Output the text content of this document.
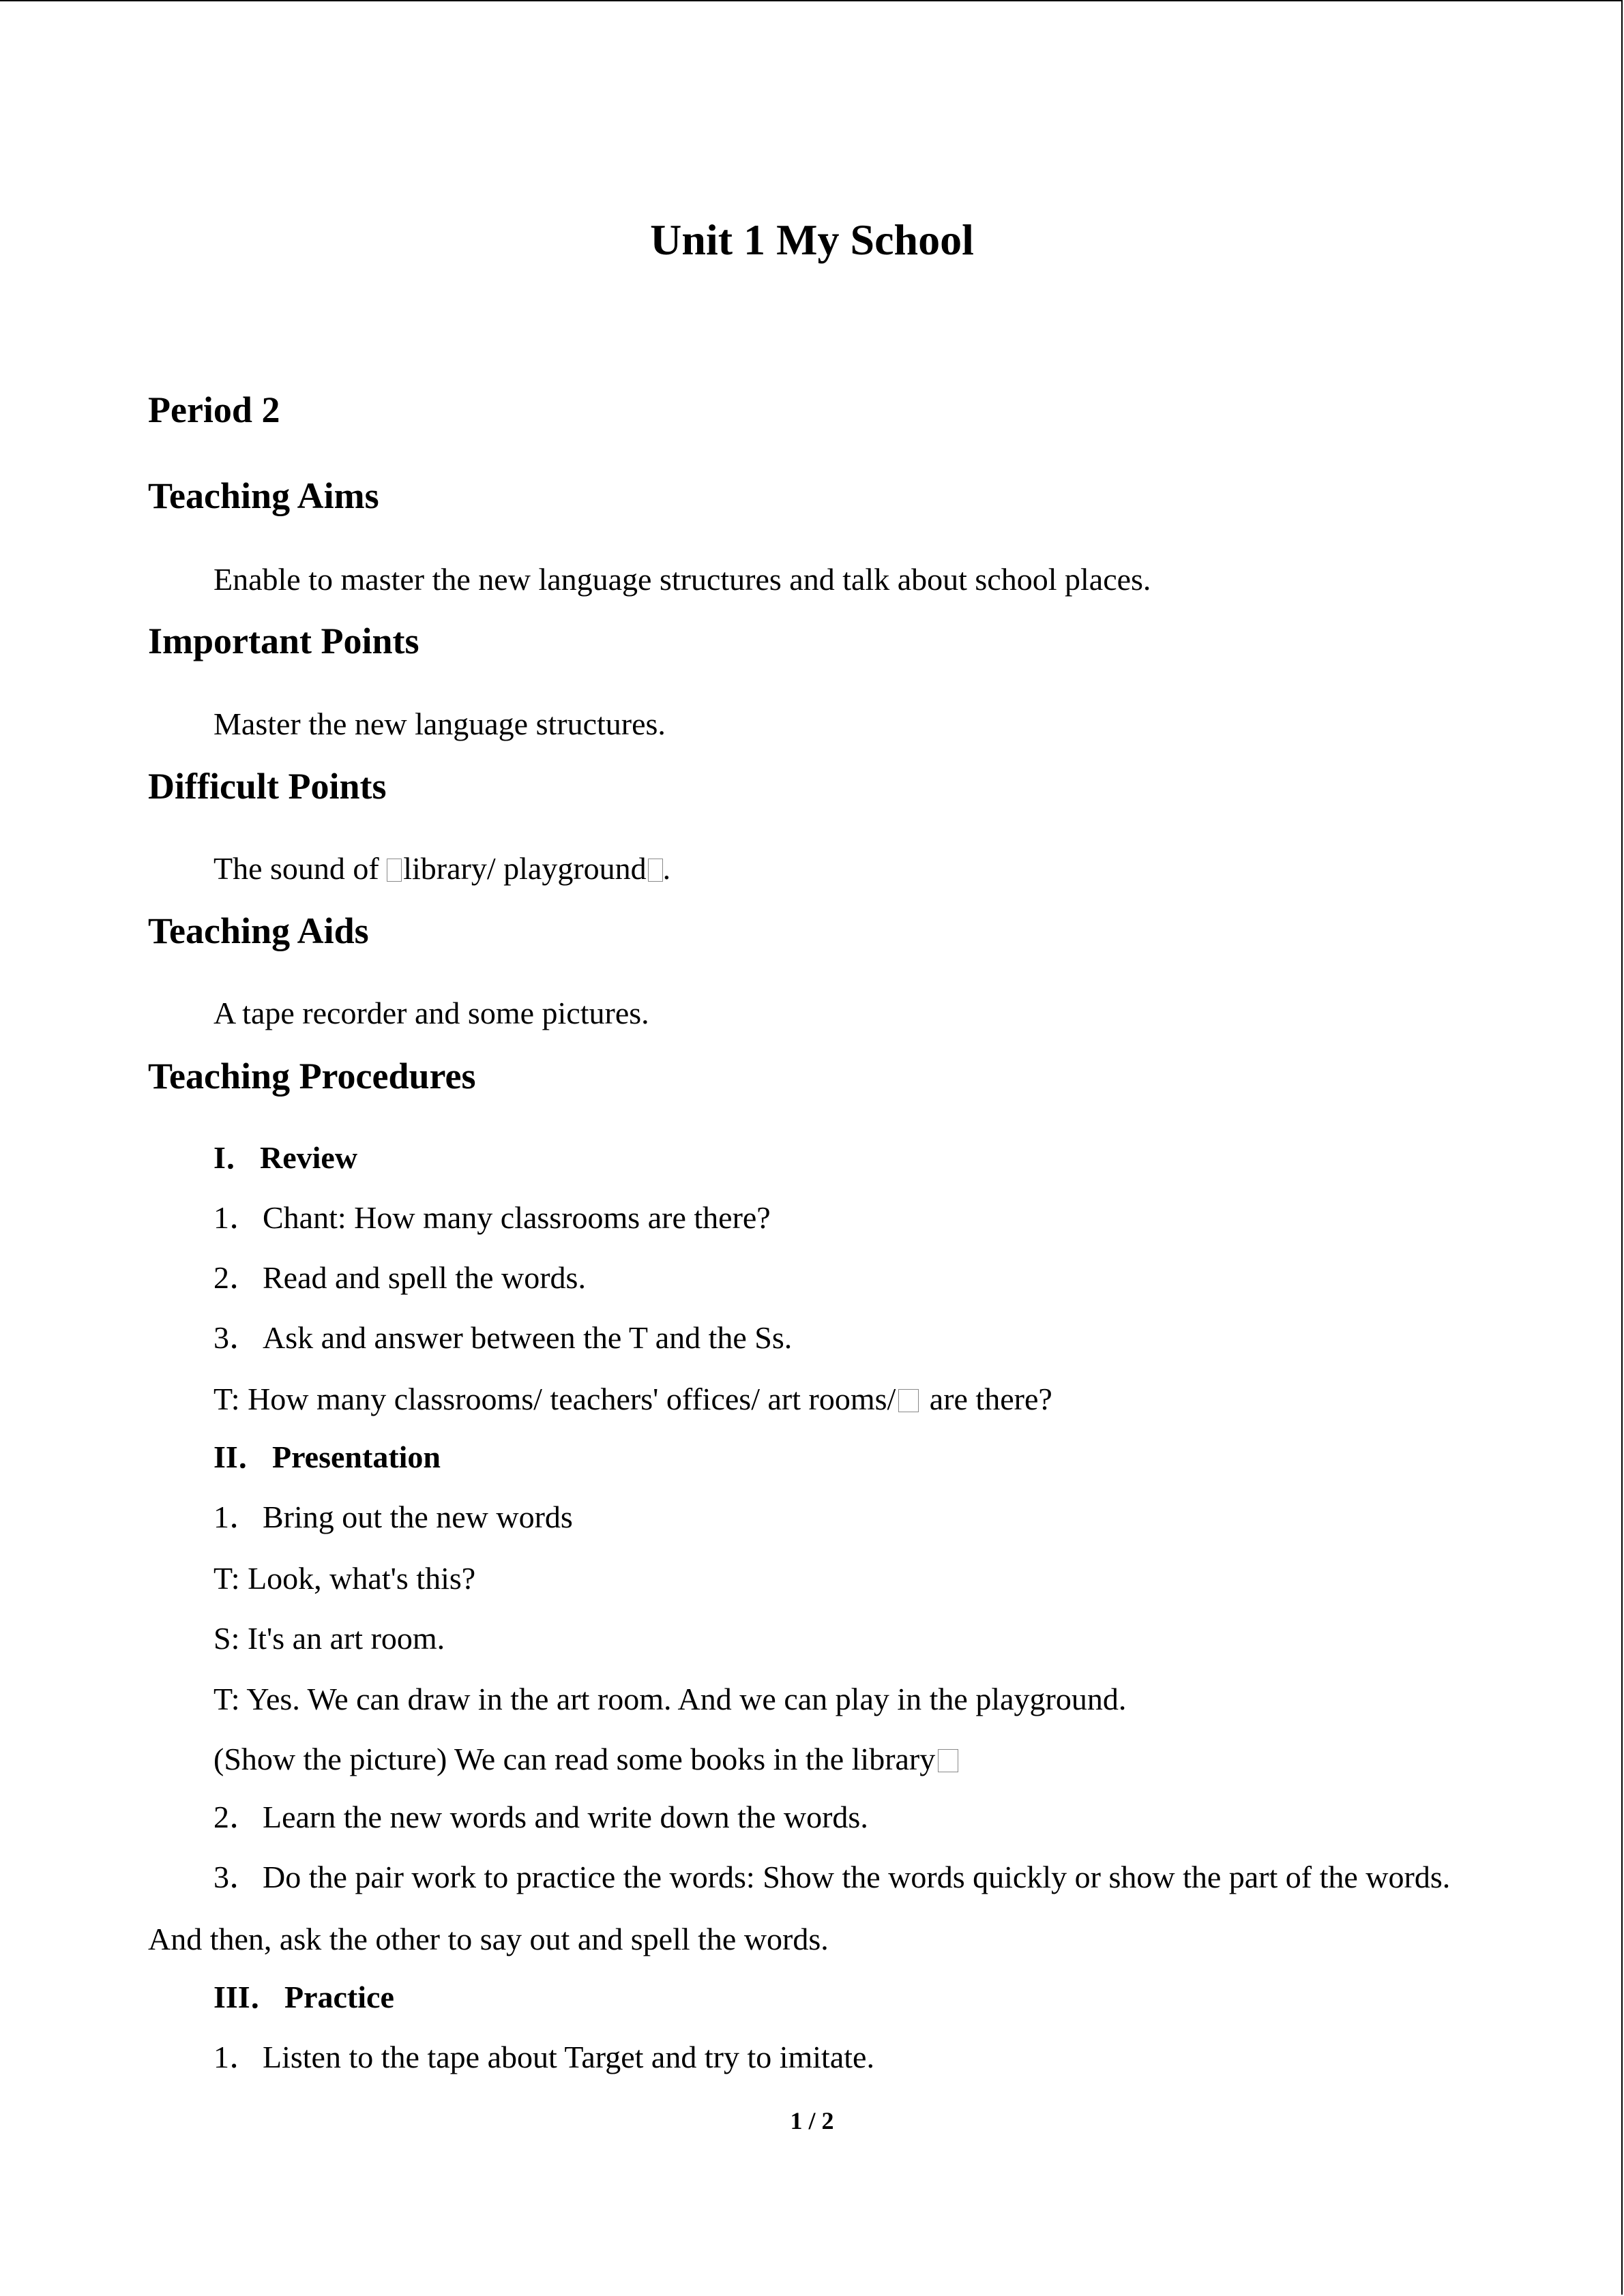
Unit 1 My School
Period 2
Teaching Aims

Enable to master the new language structures and talk about school places.

Important Points

Master the new language structures.

Difficult Points

The sound of library/ playground .

Teaching Aids

A tape recorder and some pictures.

Teaching Procedures

I．Review

1．Chant: How many classrooms are there?

2．Read and spell the words.

3．Ask and answer between the T and the Ss.

T: How many classrooms/ teachers' offices/ art rooms/ are there?

II．Presentation

1．Bring out the new words

T: Look, what's this?

S: It's an art room.

T: Yes. We can draw in the art room. And we can play in the playground.

(Show the picture) We can read some books in the library

2．Learn the new words and write down the words.

3．Do the pair work to practice the words: Show the words quickly or show the part of the words.

And then, ask the other to say out and spell the words.

III．Practice

1．Listen to the tape about Target and try to imitate.

1 / 2
